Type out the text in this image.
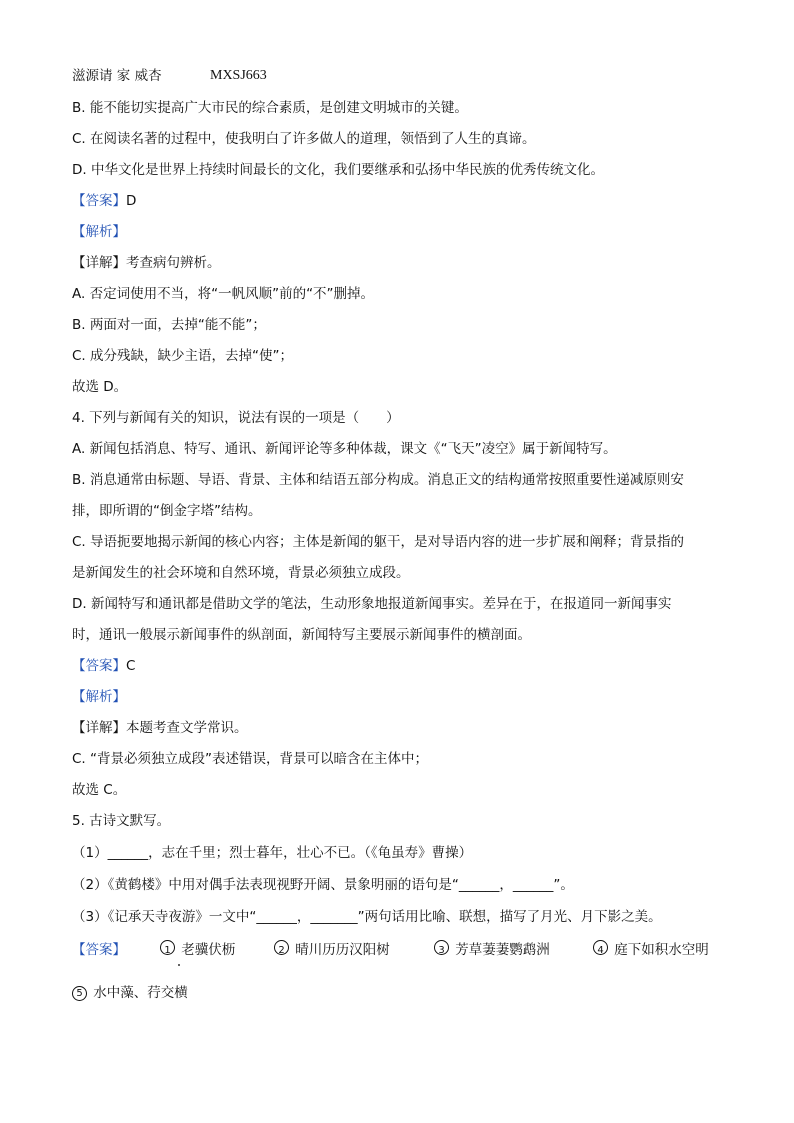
滋源请 家 威杏	MXSJ663
B. 能不能切实提高广大市民的综合素质，是创建文明城市的关键。
C. 在阅读名著的过程中，使我明白了许多做人的道理，领悟到了人生的真谛。
D. 中华文化是世界上持续时间最长的文化，我们要继承和弘扬中华民族的优秀传统文化。
【答案】D
【解析】
【详解】考查病句辨析。
A. 否定词使用不当，将“一帆风顺”前的“不”删掉。
B. 两面对一面，去掉“能不能”；
C. 成分残缺，缺少主语，去掉“使”；
故选 D。
4. 下列与新闻有关的知识，说法有误的一项是（　　）
A. 新闻包括消息、特写、通讯、新闻评论等多种体裁，课文《“飞天”凌空》属于新闻特写。
B. 消息通常由标题、导语、背景、主体和结语五部分构成。消息正文的结构通常按照重要性递减原则安
排，即所谓的“倒金字塔”结构。
C. 导语扼要地揭示新闻的核心内容；主体是新闻的躯干，是对导语内容的进一步扩展和阐释；背景指的
是新闻发生的社会环境和自然环境，背景必须独立成段。
D. 新闻特写和通讯都是借助文学的笔法，生动形象地报道新闻事实。差异在于，在报道同一新闻事实
时，通讯一般展示新闻事件的纵剖面，新闻特写主要展示新闻事件的横剖面。
【答案】C
【解析】
【详解】本题考查文学常识。
C. “背景必须独立成段”表述错误，背景可以暗含在主体中；
故选 C。
5. 古诗文默写。
（1）______，志在千里；烈士暮年，壮心不已。（《龟虽寿》曹操）
（2）《黄鹤楼》中用对偶手法表现视野开阔、景象明丽的语句是“______，______”。
（3）《记承天寺夜游》一文中“______，_______”两句话用比喻、联想，描写了月光、月下影之美。
【答案】	1 老骥伏枥	2 晴川历历汉阳树	3 芳草萋萋鹦鹉洲	4 庭下如积水空明
5 水中藻、荇交横
